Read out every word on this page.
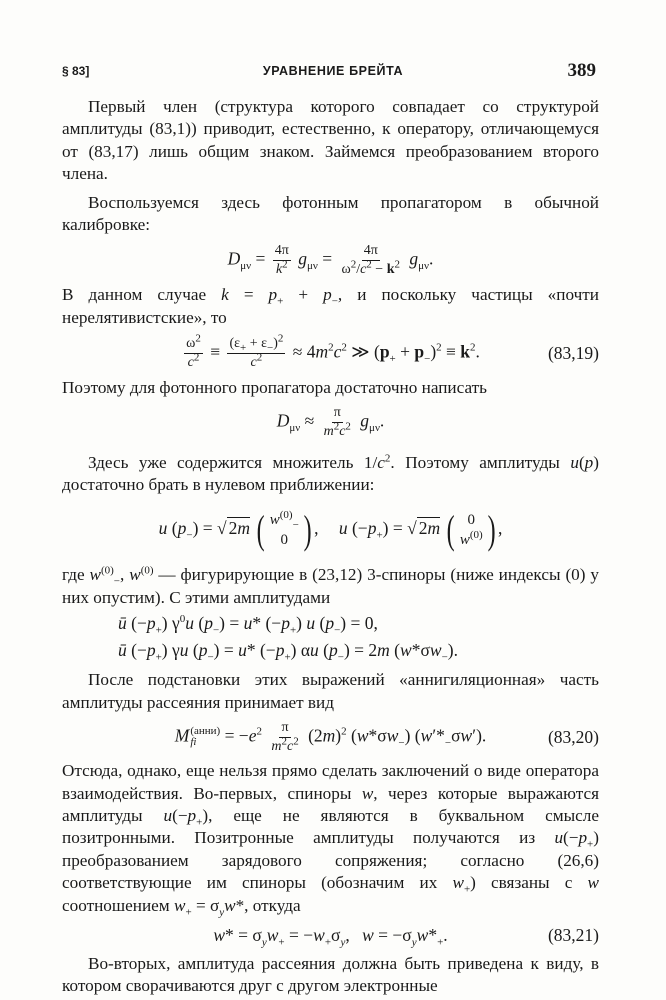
§ 83]	УРАВНЕНИЕ БРЕЙТА	389

Первый член (структура которого совпадает со структурой амплитуды (83,1)) приводит, естественно, к оператору, отличающемуся от (83,17) лишь общим знаком. Займемся преобразованием второго члена.

Воспользуемся здесь фотонным пропагатором в обычной калибровке:

$D_{\mu\nu} = \frac{4\pi}{k^2} g_{\mu\nu} = \frac{4\pi}{\omega^2/c^2 - k^2} g_{\mu\nu}$.

В данном случае $k = p_+ + p_-$, и поскольку частицы «почти нерелятивистские», то

$\frac{\omega^2}{c^2} \equiv \frac{(\varepsilon_+ + \varepsilon_-)^2}{c^2} \approx 4m^2c^2$ ≫ $(p_+ + p_-)^2 \equiv k^2$.	(83,19)

Поэтому для фотонного пропагатора достаточно написать

$D_{\mu\nu} \approx \frac{\pi}{m^2c^2} g_{\mu\nu}$.

Здесь уже содержится множитель $1/c^2$. Поэтому амплитуды u(p) достаточно брать в нулевом приближении:

u $(p_-)$ = √ 2m ( $w^{(0)}_-$
0 ) , u $(-p_+)$ = √ 2m ( 0
$w^{(0)}$ ) ,

где $w^{(0)}_-$, $w^{(0)}$ — фигурирующие в (23,12) 3-спиноры (ниже индексы (0) у них опустим). С этими амплитудами

ū $(-p_+)$ $\gamma^0u$ $(p_-) = u*$ $(-p_+)$ u $(p_-) = 0$,
ū $(-p_+)$ γu $(p_-) = u*$ $(-p_+)$ αu $(p_-) = 2m$ $(w*\sigma w_-)$.

После подстановки этих выражений «аннигиляционная» часть амплитуды рассеяния принимает вид

M (анни)
fi	= $-e^2 \frac{\pi}{m^2c^2} (2m)^2$ $(w*\sigma w_-)$ $(w'*_-\sigma w')$.	(83,20)

Отсюда, однако, еще нельзя прямо сделать заключений о виде оператора взаимодействия. Во-первых, спиноры w, через которые выражаются амплитуды $u(-p_+)$, еще не являются в буквальном смысле позитронными. Позитронные амплитуды получаются из $u(-p_+)$ преобразованием зарядового сопряжения; согласно (26,6) соответствующие им спиноры (обозначим их $w_+$) связаны с w соотношением $w_+ = \sigma_yw*$, откуда

$w* = \sigma_yw_+ = -w_+\sigma_y$, $w = -\sigma_yw*_+$.	(83,21)

Во-вторых, амплитуда рассеяния должна быть приведена к виду, в котором сворачиваются друг с другом электронные
